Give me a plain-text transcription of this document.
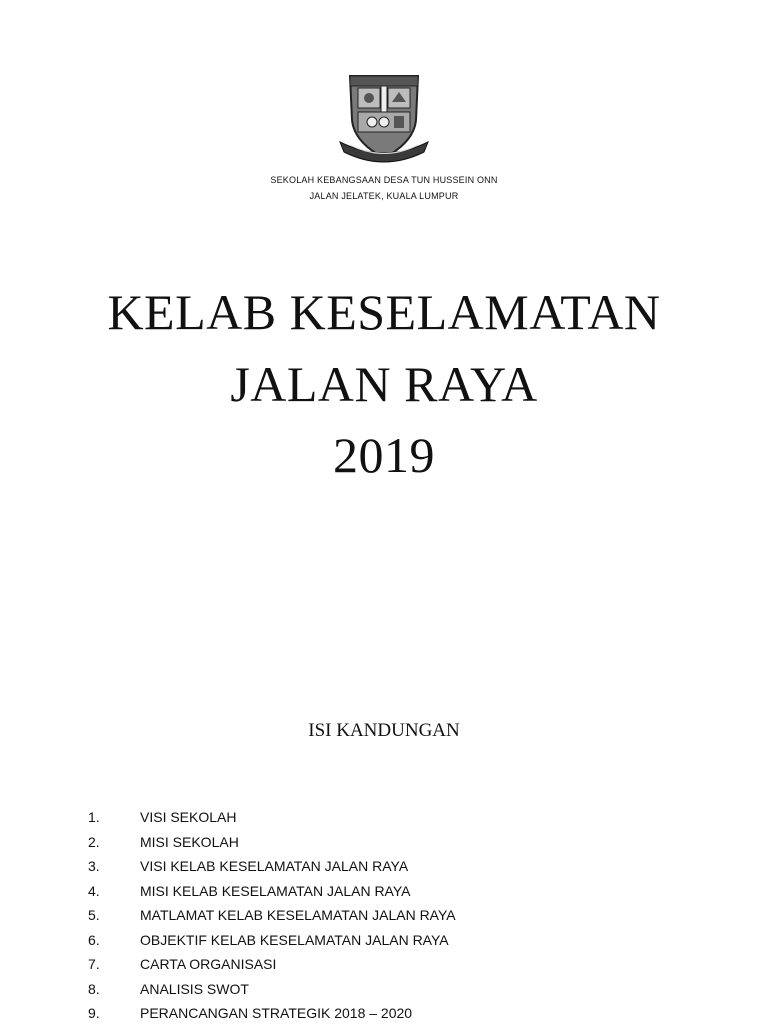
SEKOLAH KEBANGSAAN DESA TUN HUSSEIN ONN
JALAN JELATEK, KUALA LUMPUR
KELAB KESELAMATAN
JALAN RAYA
2019
ISI KANDUNGAN
1.	VISI SEKOLAH
2.	MISI SEKOLAH
3.	VISI KELAB KESELAMATAN JALAN RAYA
4.	MISI KELAB KESELAMATAN JALAN RAYA
5.	MATLAMAT KELAB KESELAMATAN JALAN RAYA
6.	OBJEKTIF KELAB KESELAMATAN JALAN RAYA
7.	CARTA ORGANISASI
8.	ANALISIS SWOT
9.	PERANCANGAN STRATEGIK 2018 – 2020
